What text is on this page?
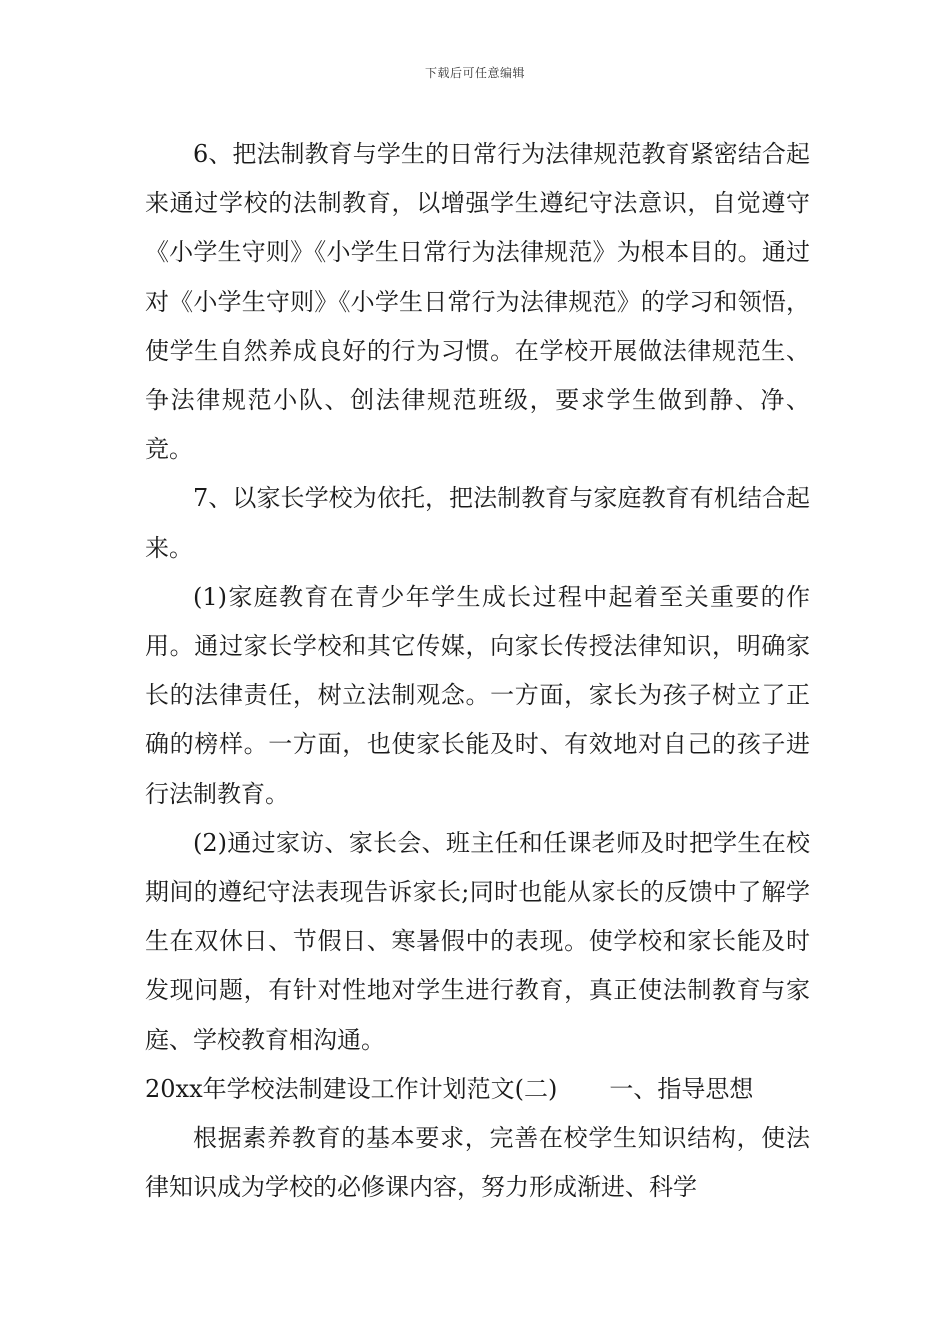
下载后可任意编辑

6、把法制教育与学生的日常行为法律规范教育紧密结合起来通过学校的法制教育，以增强学生遵纪守法意识，自觉遵守《小学生守则》《小学生日常行为法律规范》为根本目的。通过对《小学生守则》《小学生日常行为法律规范》的学习和领悟，使学生自然养成良好的行为习惯。在学校开展做法律规范生、争法律规范小队、创法律规范班级，要求学生做到静、净、竞。

7、以家长学校为依托，把法制教育与家庭教育有机结合起来。

(1)家庭教育在青少年学生成长过程中起着至关重要的作用。通过家长学校和其它传媒，向家长传授法律知识，明确家长的法律责任，树立法制观念。一方面，家长为孩子树立了正确的榜样。一方面，也使家长能及时、有效地对自己的孩子进行法制教育。

(2)通过家访、家长会、班主任和任课老师及时把学生在校期间的遵纪守法表现告诉家长;同时也能从家长的反馈中了解学生在双休日、节假日、寒暑假中的表现。使学校和家长能及时发现问题，有针对性地对学生进行教育，真正使法制教育与家庭、学校教育相沟通。

20xx年学校法制建设工作计划范文(二) 一、指导思想

根据素养教育的基本要求，完善在校学生知识结构，使法律知识成为学校的必修课内容，努力形成渐进、科学
